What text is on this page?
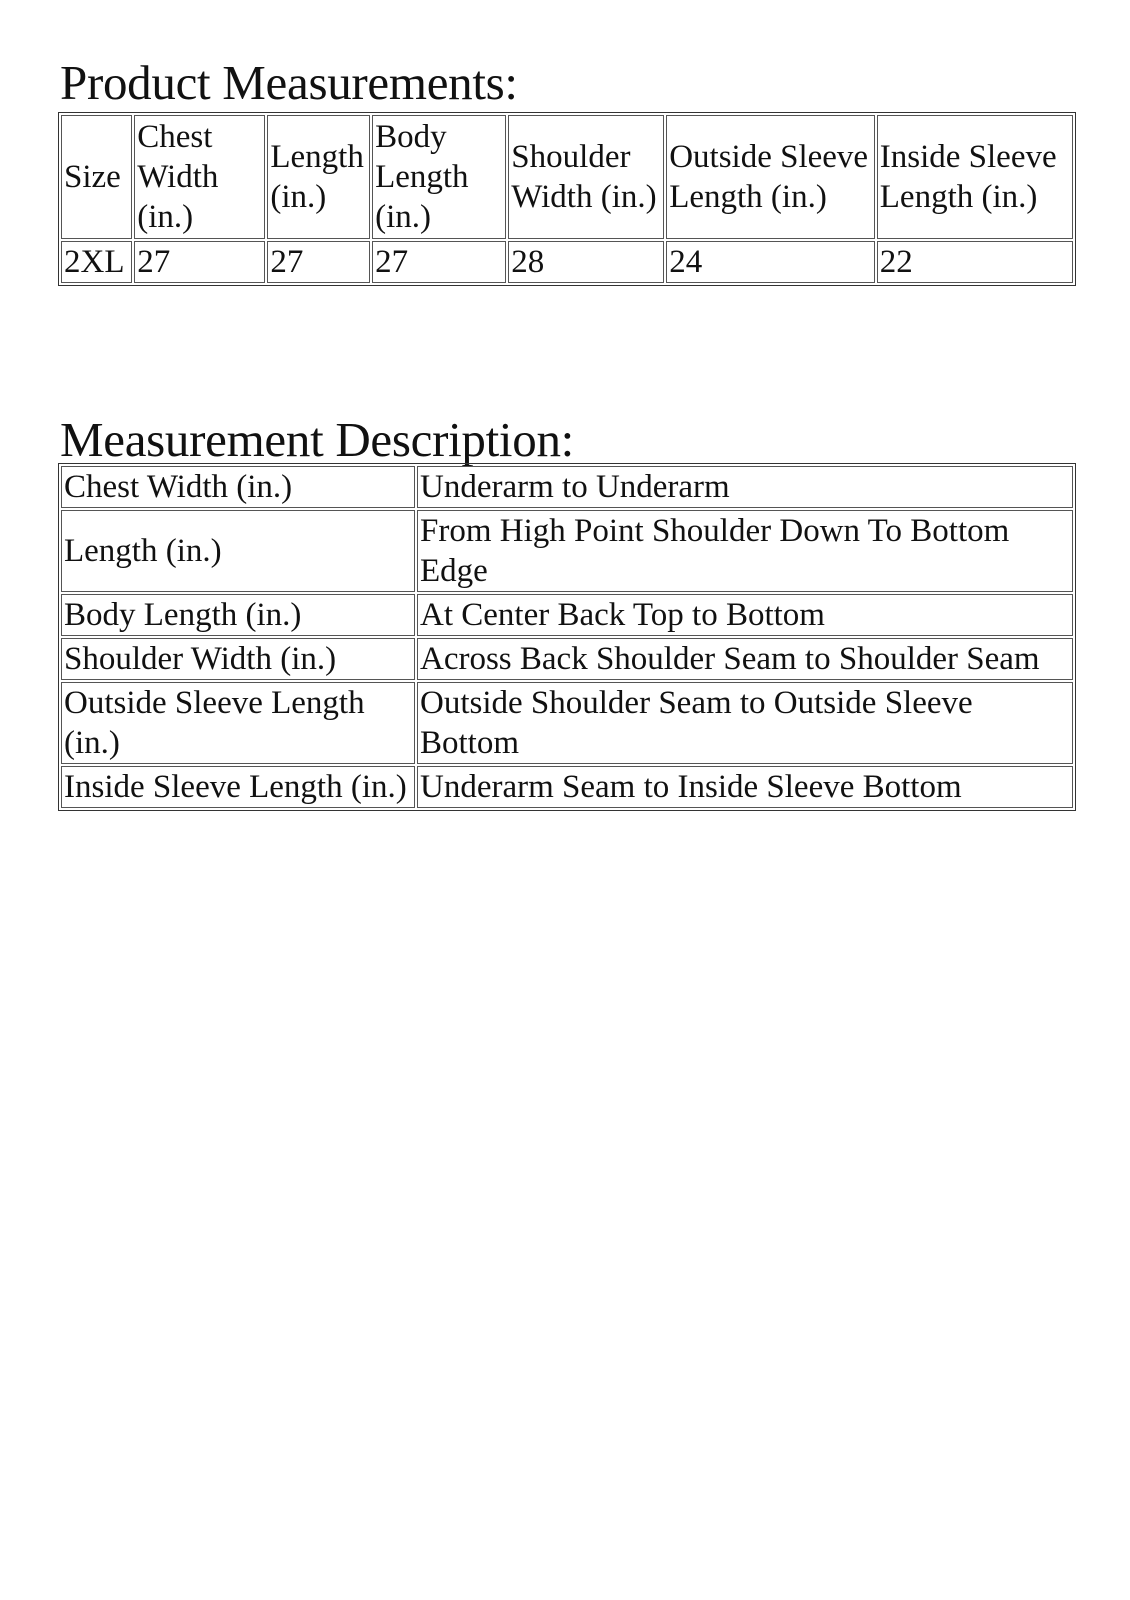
Product Measurements:
Size	Chest Width (in.)	Length (in.)	Body Length (in.)	Shoulder Width (in.)	Outside Sleeve Length (in.)	Inside Sleeve Length (in.)
2XL	27	27	27	28	24	22
Measurement Description:
Chest Width (in.)	Underarm to Underarm
Length (in.)	From High Point Shoulder Down To Bottom Edge
Body Length (in.)	At Center Back Top to Bottom
Shoulder Width (in.)	Across Back Shoulder Seam to Shoulder Seam
Outside Sleeve Length (in.)	Outside Shoulder Seam to Outside Sleeve Bottom
Inside Sleeve Length (in.)	Underarm Seam to Inside Sleeve Bottom
